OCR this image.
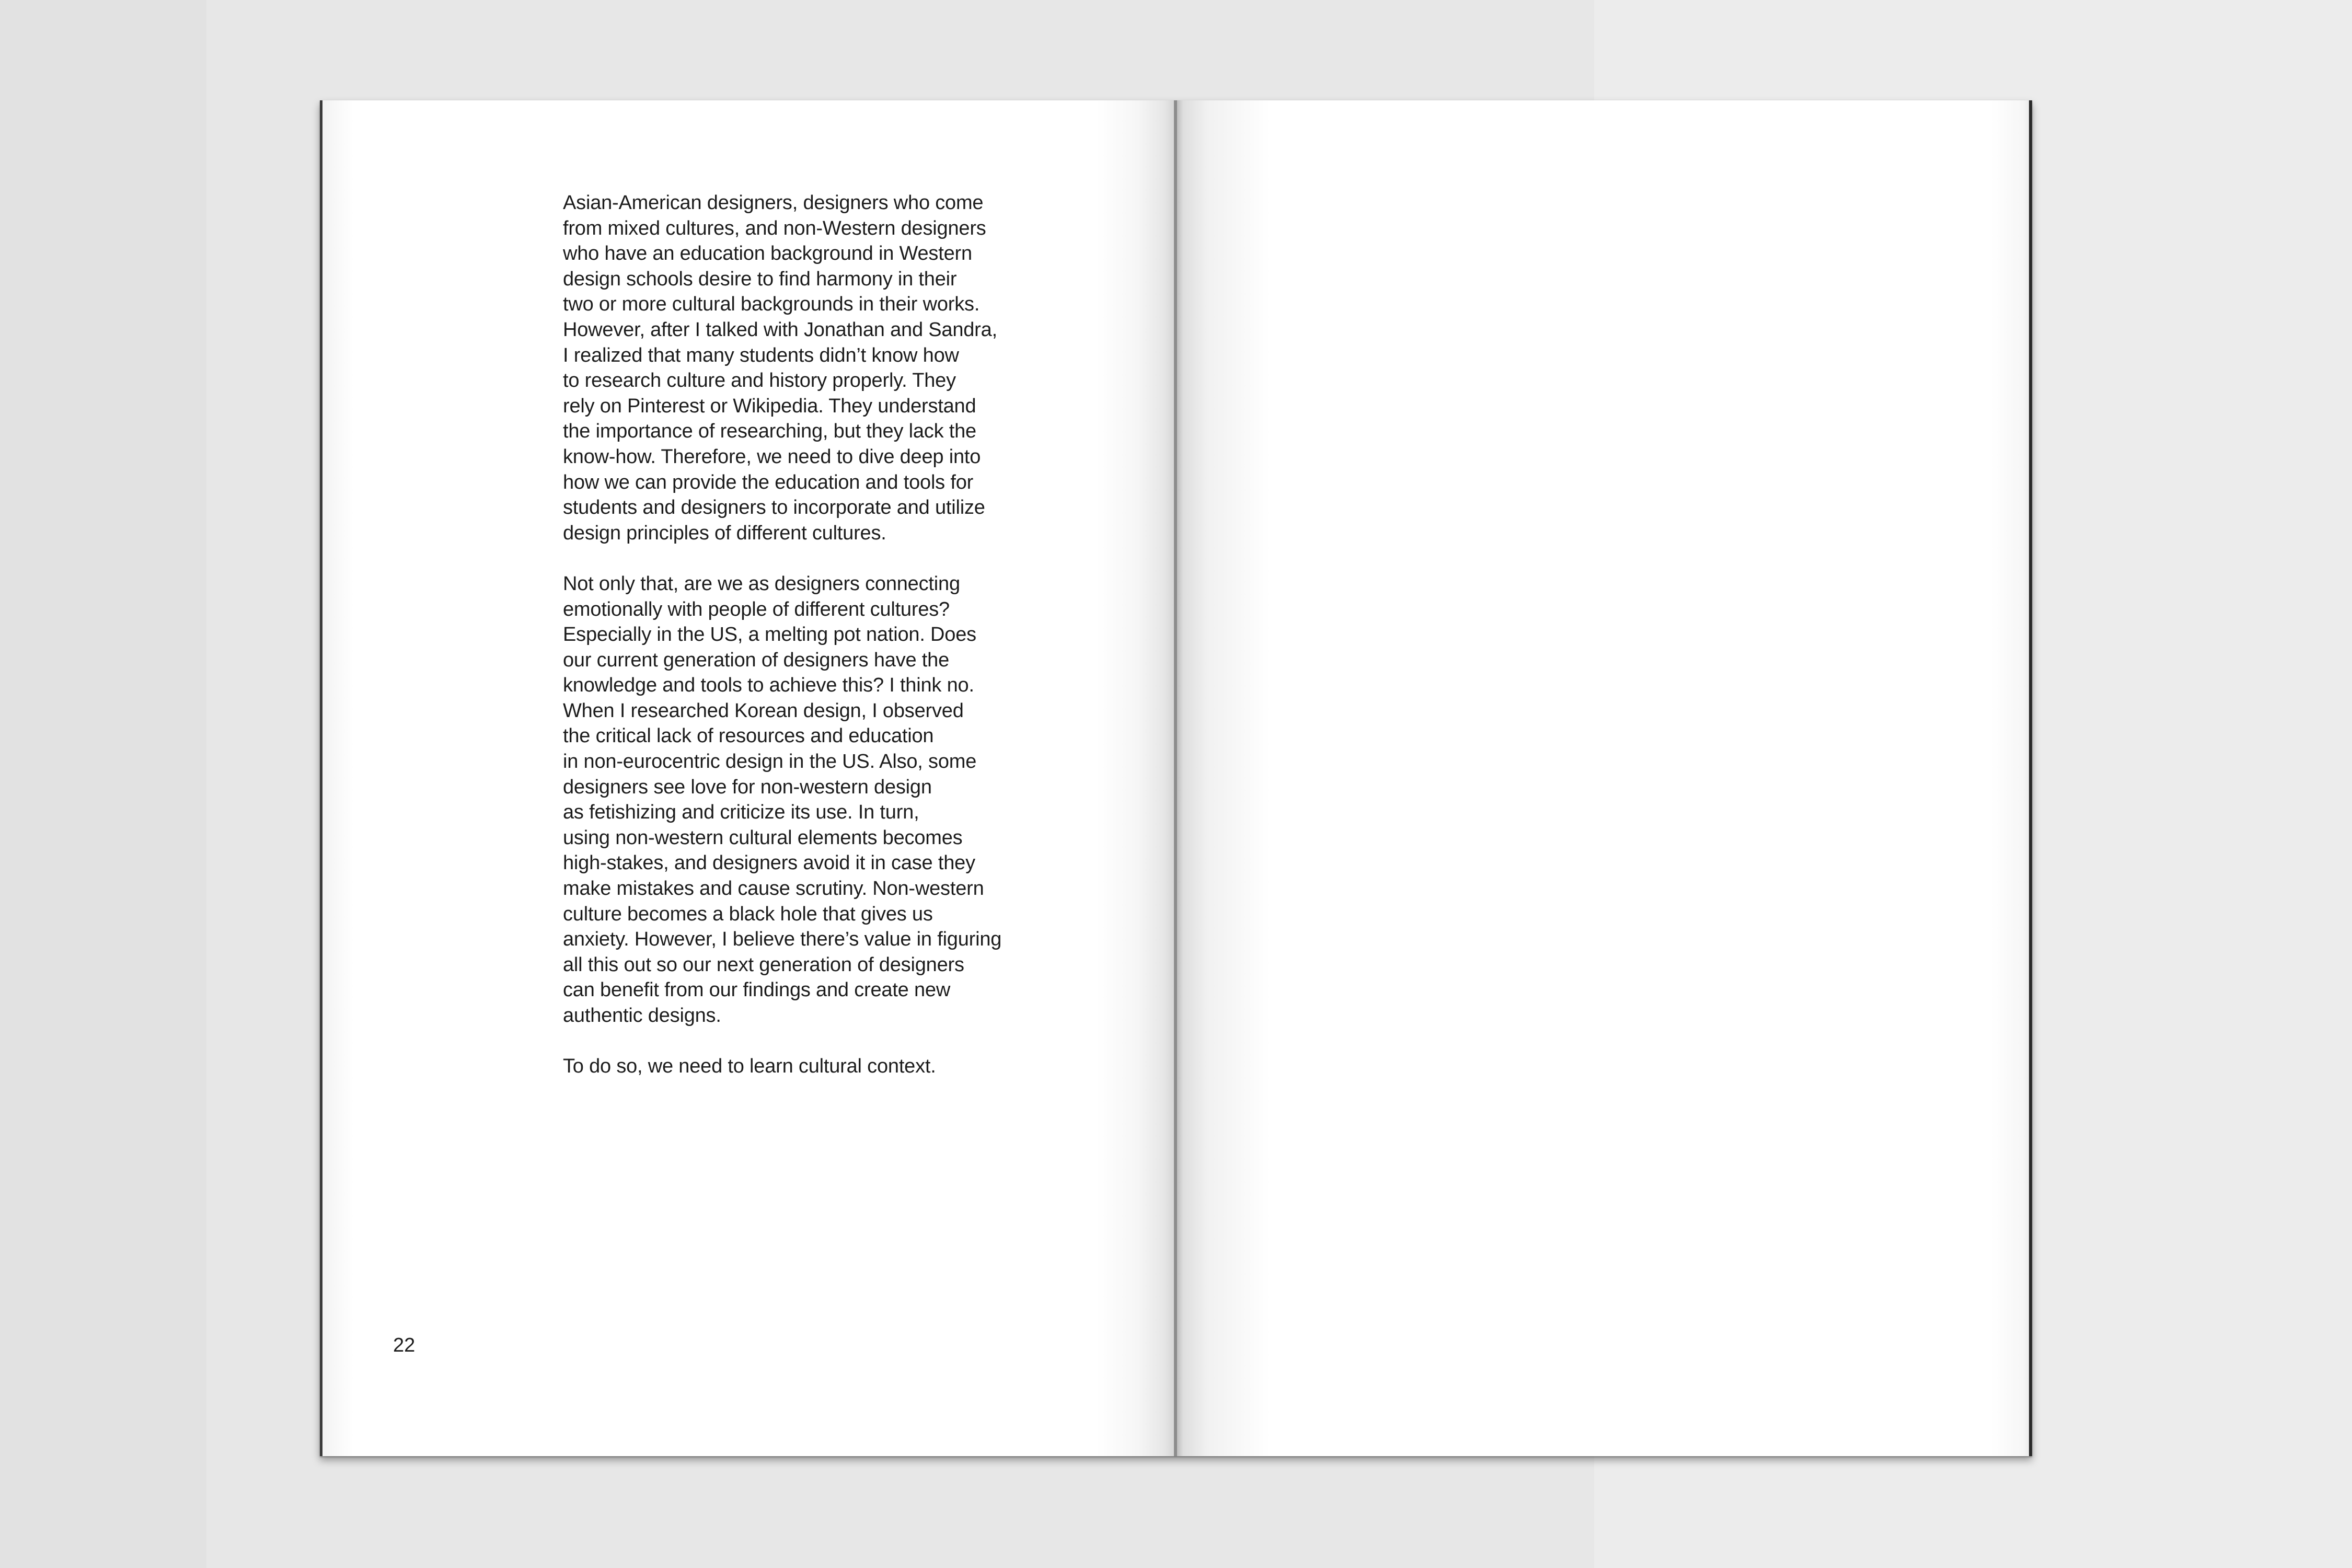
Asian-American designers, designers who come
from mixed cultures, and non-Western designers
who have an education background in Western
design schools desire to find harmony in their
two or more cultural backgrounds in their works.
However, after I talked with Jonathan and Sandra,
I realized that many students didn’t know how
to research culture and history properly. They
rely on Pinterest or Wikipedia. They understand
the importance of researching, but they lack the
know-how. Therefore, we need to dive deep into
how we can provide the education and tools for
students and designers to incorporate and utilize
design principles of different cultures.

Not only that, are we as designers connecting
emotionally with people of different cultures?
Especially in the US, a melting pot nation. Does
our current generation of designers have the
knowledge and tools to achieve this? I think no.
When I researched Korean design, I observed
the critical lack of resources and education
in non-eurocentric design in the US. Also, some
designers see love for non-western design
as fetishizing and criticize its use. In turn,
using non-western cultural elements becomes
high-stakes, and designers avoid it in case they
make mistakes and cause scrutiny. Non-western
culture becomes a black hole that gives us
anxiety. However, I believe there’s value in figuring
all this out so our next generation of designers
can benefit from our findings and create new
authentic designs.

To do so, we need to learn cultural context.

22
